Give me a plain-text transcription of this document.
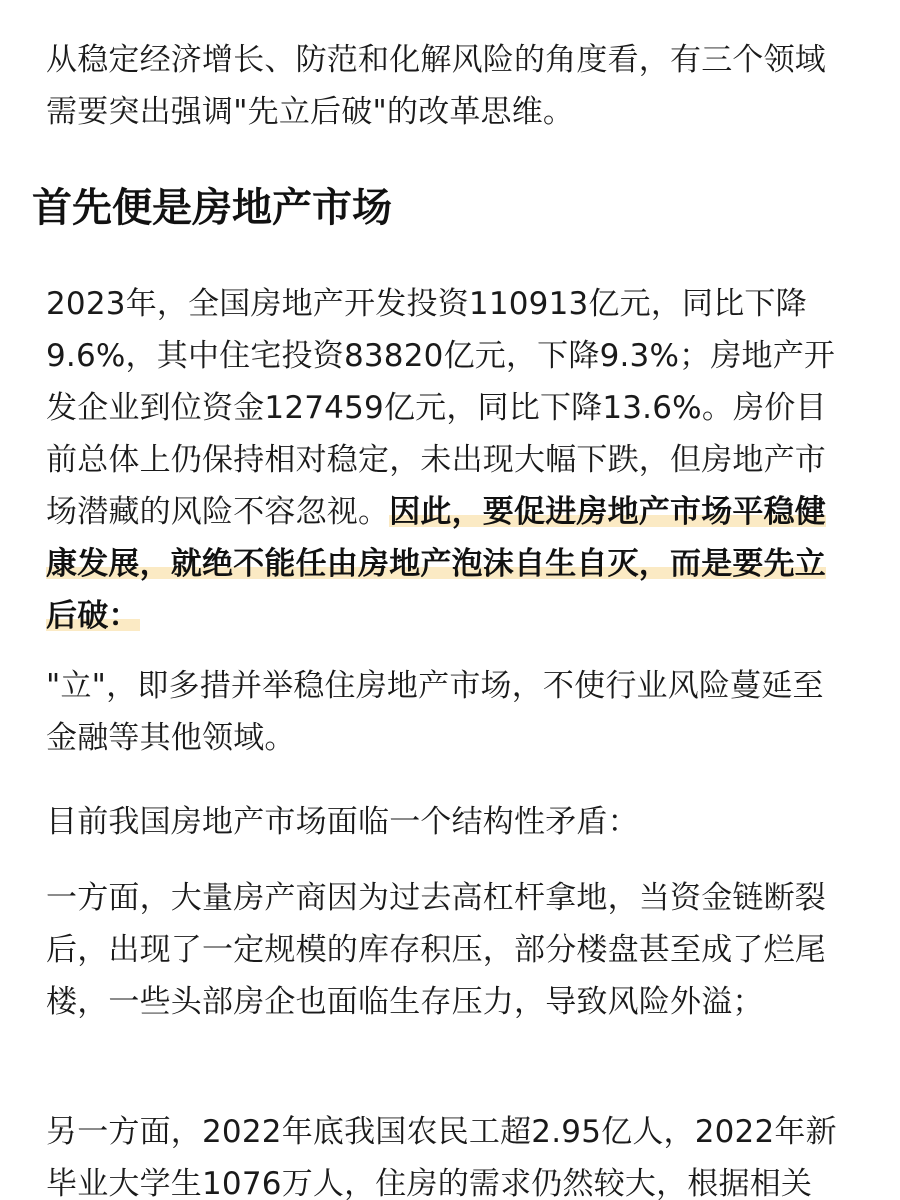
从稳定经济增长、防范和化解风险的角度看，有三个领域需要突出强调"先立后破"的改革思维。

首先便是房地产市场

2023年，全国房地产开发投资110913亿元，同比下降9.6%，其中住宅投资83820亿元，下降9.3%；房地产开发企业到位资金127459亿元，同比下降13.6%。房价目前总体上仍保持相对稳定，未出现大幅下跌，但房地产市场潜藏的风险不容忽视。因此，要促进房地产市场平稳健康发展，就绝不能任由房地产泡沫自生自灭，而是要先立后破：

"立"，即多措并举稳住房地产市场，不使行业风险蔓延至金融等其他领域。

目前我国房地产市场面临一个结构性矛盾：

一方面，大量房产商因为过去高杠杆拿地，当资金链断裂后，出现了一定规模的库存积压，部分楼盘甚至成了烂尾楼，一些头部房企也面临生存压力，导致风险外溢；

另一方面，2022年底我国农民工超2.95亿人，2022年新毕业大学生1076万人，住房的需求仍然较大，根据相关
